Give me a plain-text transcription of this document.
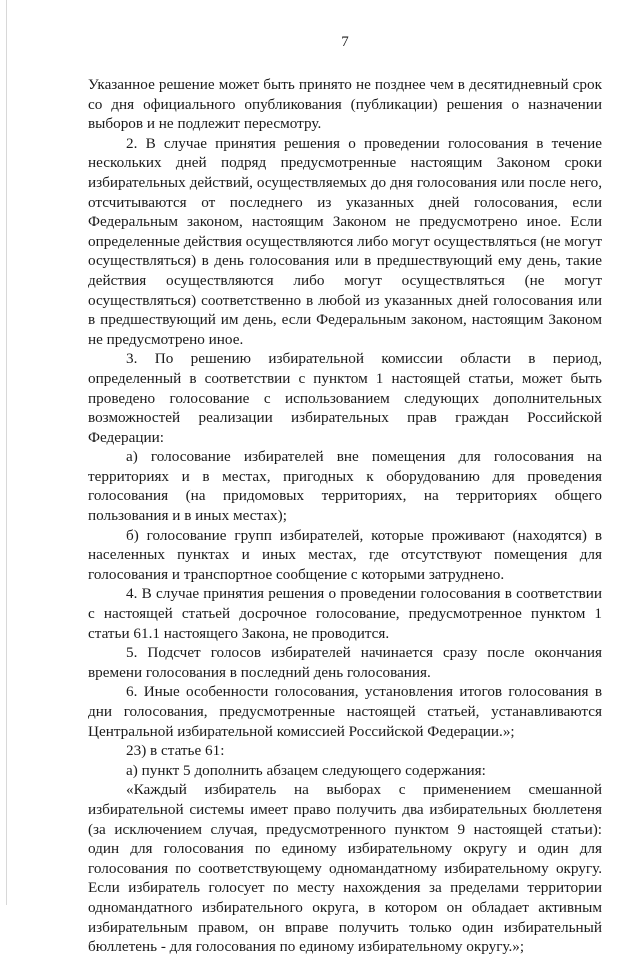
7

Указанное решение может быть принято не позднее чем в десятидневный срок со дня официального опубликования (публикации) решения о назначении выборов и не подлежит пересмотру.

2. В случае принятия решения о проведении голосования в течение нескольких дней подряд предусмотренные настоящим Законом сроки избирательных действий, осуществляемых до дня голосования или после него, отсчитываются от последнего из указанных дней голосования, если Федеральным законом, настоящим Законом не предусмотрено иное. Если определенные действия осуществляются либо могут осуществляться (не могут осуществляться) в день голосования или в предшествующий ему день, такие действия осуществляются либо могут осуществляться (не могут осуществляться) соответственно в любой из указанных дней голосования или в предшествующий им день, если Федеральным законом, настоящим Законом не предусмотрено иное.

3. По решению избирательной комиссии области в период, определенный в соответствии с пунктом 1 настоящей статьи, может быть проведено голосование с использованием следующих дополнительных возможностей реализации избирательных прав граждан Российской Федерации:

а) голосование избирателей вне помещения для голосования на территориях и в местах, пригодных к оборудованию для проведения голосования (на придомовых территориях, на территориях общего пользования и в иных местах);

б) голосование групп избирателей, которые проживают (находятся) в населенных пунктах и иных местах, где отсутствуют помещения для голосования и транспортное сообщение с которыми затруднено.

4. В случае принятия решения о проведении голосования в соответствии с настоящей статьей досрочное голосование, предусмотренное пунктом 1 статьи 61.1 настоящего Закона, не проводится.

5. Подсчет голосов избирателей начинается сразу после окончания времени голосования в последний день голосования.

6. Иные особенности голосования, установления итогов голосования в дни голосования, предусмотренные настоящей статьей, устанавливаются Центральной избирательной комиссией Российской Федерации.»;

23) в статье 61:

а) пункт 5 дополнить абзацем следующего содержания:

«Каждый избиратель на выборах с применением смешанной избирательной системы имеет право получить два избирательных бюллетеня (за исключением случая, предусмотренного пунктом 9 настоящей статьи): один для голосования по единому избирательному округу и один для голосования по соответствующему одномандатному избирательному округу. Если избиратель голосует по месту нахождения за пределами территории одномандатного избирательного округа, в котором он обладает активным избирательным правом, он вправе получить только один избирательный бюллетень - для голосования по единому избирательному округу.»;
